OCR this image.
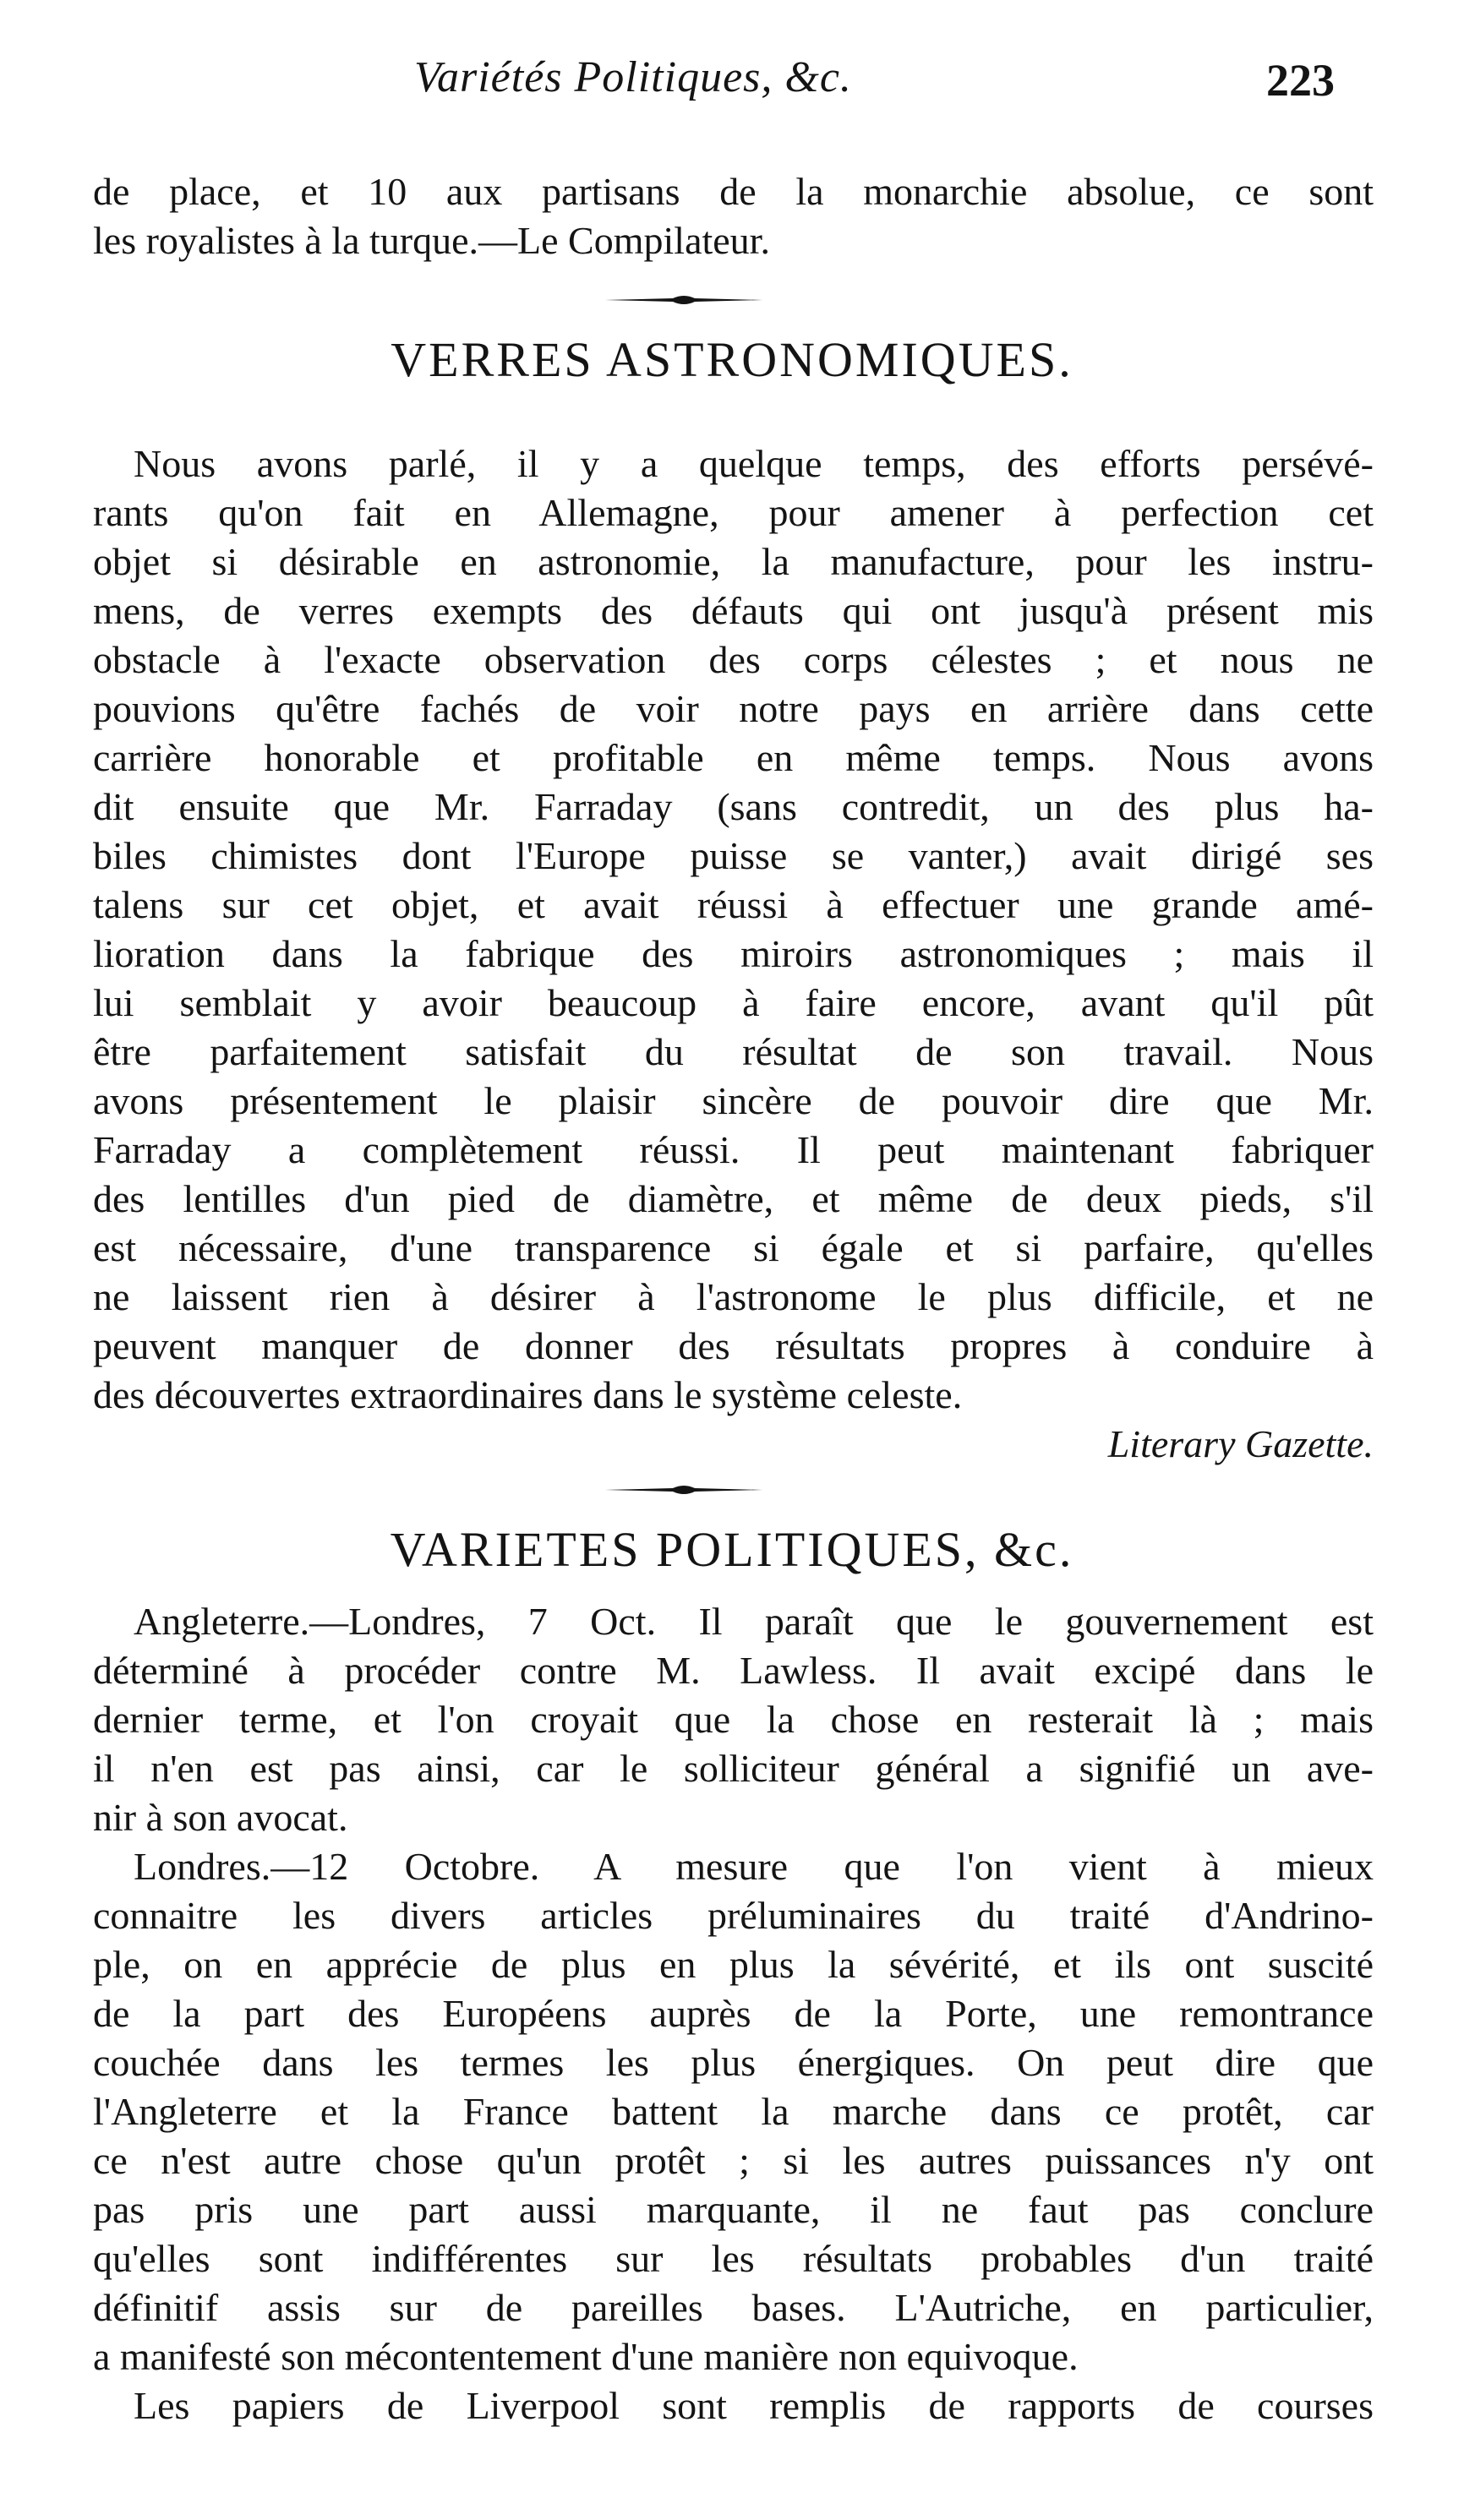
Variétés Politiques, &c.	223
de place, et 10 aux partisans de la monarchie absolue, ce sont
les royalistes à la turque.—Le Compilateur.
VERRES ASTRONOMIQUES.
Nous avons parlé, il y a quelque temps, des efforts persévé-
rants qu'on fait en Allemagne, pour amener à perfection cet
objet si désirable en astronomie, la manufacture, pour les instru-
mens, de verres exempts des défauts qui ont jusqu'à présent mis
obstacle à l'exacte observation des corps célestes ; et nous ne
pouvions qu'être fachés de voir notre pays en arrière dans cette
carrière honorable et profitable en même temps. Nous avons
dit ensuite que Mr. Farraday (sans contredit, un des plus ha-
biles chimistes dont l'Europe puisse se vanter,) avait dirigé ses
talens sur cet objet, et avait réussi à effectuer une grande amé-
lioration dans la fabrique des miroirs astronomiques ; mais il
lui semblait y avoir beaucoup à faire encore, avant qu'il pût
être parfaitement satisfait du résultat de son travail. Nous
avons présentement le plaisir sincère de pouvoir dire que Mr.
Farraday a complètement réussi. Il peut maintenant fabriquer
des lentilles d'un pied de diamètre, et même de deux pieds, s'il
est nécessaire, d'une transparence si égale et si parfaire, qu'elles
ne laissent rien à désirer à l'astronome le plus difficile, et ne
peuvent manquer de donner des résultats propres à conduire à
des découvertes extraordinaires dans le système celeste.
Literary Gazette.
VARIETES POLITIQUES, &c.
Angleterre.—Londres, 7 Oct. Il paraît que le gouvernement est
déterminé à procéder contre M. Lawless. Il avait excipé dans le
dernier terme, et l'on croyait que la chose en resterait là ; mais
il n'en est pas ainsi, car le solliciteur général a signifié un ave-
nir à son avocat.
Londres.—12 Octobre. A mesure que l'on vient à mieux
connaitre les divers articles préluminaires du traité d'Andrino-
ple, on en apprécie de plus en plus la sévérité, et ils ont suscité
de la part des Européens auprès de la Porte, une remontrance
couchée dans les termes les plus énergiques. On peut dire que
l'Angleterre et la France battent la marche dans ce protêt, car
ce n'est autre chose qu'un protêt ; si les autres puissances n'y ont
pas pris une part aussi marquante, il ne faut pas conclure
qu'elles sont indifférentes sur les résultats probables d'un traité
définitif assis sur de pareilles bases. L'Autriche, en particulier,
a manifesté son mécontentement d'une manière non equivoque.
Les papiers de Liverpool sont remplis de rapports de courses
